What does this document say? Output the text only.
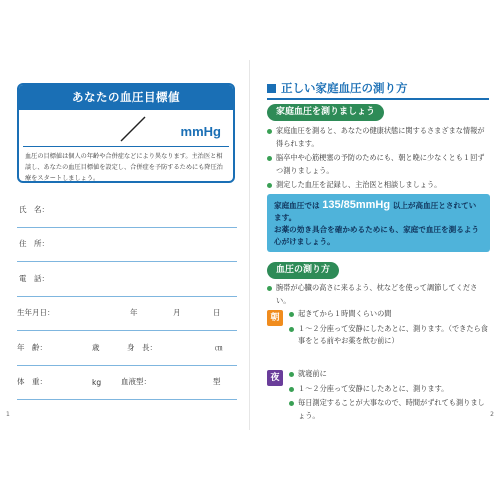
あなたの血圧目標値
mmHg
血圧の目標値は個人の年齢や合併症などにより異なります。主治医と相談し、あなたの血圧目標値を設定し、合併症を予防するためにも降圧治療をスタートしましょう。
氏　名：
住　所：
電　話：
生年月日：	年	月	日
年　齢：	歳	身　長：	㎝
体　重：	kg	血液型：	型
1
正しい家庭血圧の測り方
家庭血圧を測りましょう
家庭血圧を測ると、あなたの健康状態に関するさまざまな情報が得られます。
脳卒中や心筋梗塞の予防のためにも、朝と晩に少なくとも１回ずつ測りましょう。
測定した血圧を記録し、主治医と相談しましょう。
家庭血圧では 135/85mmHg 以上が高血圧とされています。
お薬の効き具合を確かめるためにも、家庭で血圧を測るよう心がけましょう。
血圧の測り方
腕帯が心臓の高さに来るよう、枕などを使って調節してください。
朝	起きてから１時間くらいの間
１〜２分座って安静にしたあとに、測ります。（できたら食事をとる前やお薬を飲む前に）
夜	就寝前に
１〜２分座って安静にしたあとに、測ります。
毎日測定することが大事なので、時間がずれても測りましょう。	2
